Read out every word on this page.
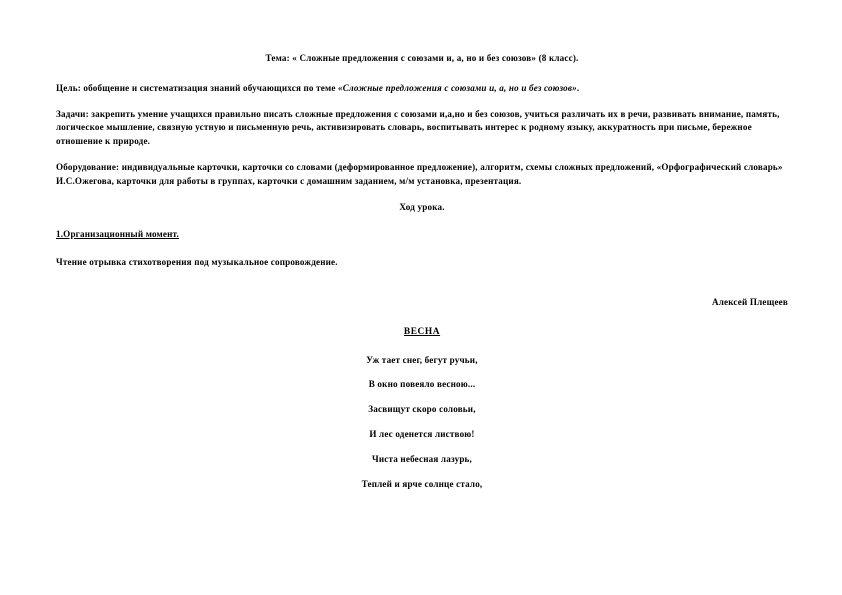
Тема: « Сложные предложения с союзами и, а, но и без союзов» (8 класс).

Цель: обобщение и систематизация знаний обучающихся по теме «Сложные предложения с союзами и, а, но и без союзов».

Задачи: закрепить умение учащихся правильно писать сложные предложения с союзами и,а,но и без союзов, учиться различать их в речи, развивать внимание, память, логическое мышление, связную устную и письменную речь, активизировать словарь, воспитывать интерес к родному языку, аккуратность при письме, бережное отношение к природе.

Оборудование: индивидуальные карточки, карточки со словами (деформированное предложение), алгоритм, схемы сложных предложений, «Орфографический словарь» И.С.Ожегова, карточки для работы в группах, карточки с домашним заданием, м/м установка, презентация.

Ход урока.

1.Организационный момент.

Чтение отрывка стихотворения под музыкальное сопровождение.

Алексей Плещеев

ВЕСНА

Уж тает снег, бегут ручьи,

В окно повеяло весною...

Засвищут скоро соловьи,

И лес оденется листвою!

Чиста небесная лазурь,

Теплей и ярче солнце стало,
